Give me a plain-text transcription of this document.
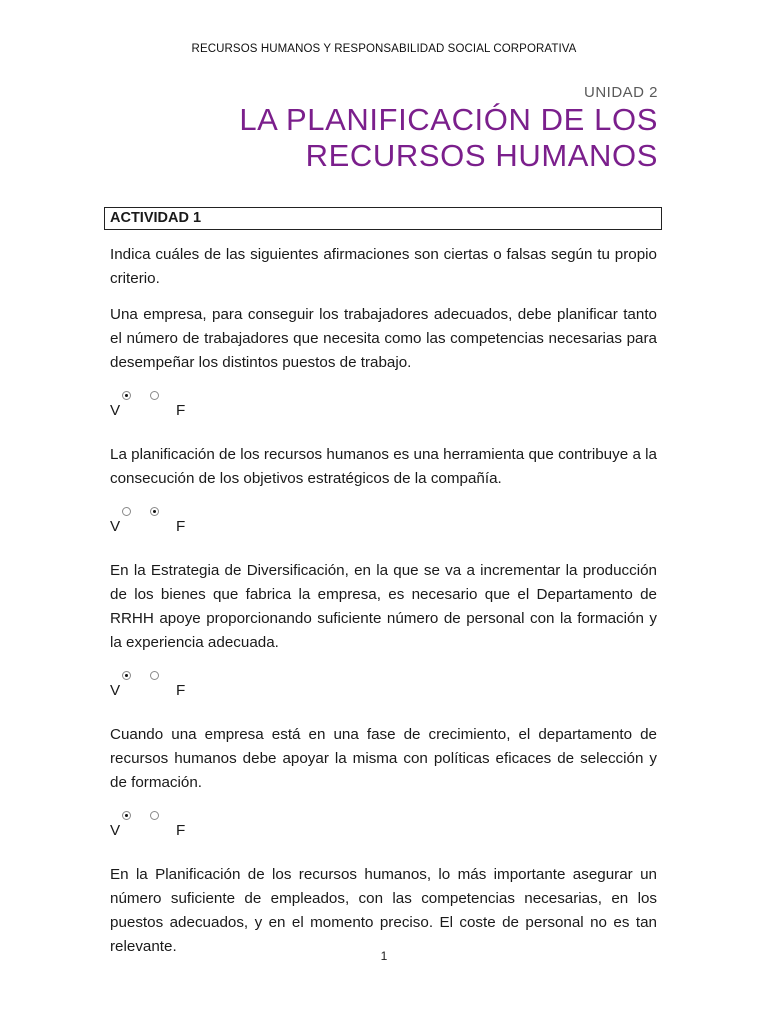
RECURSOS HUMANOS Y RESPONSABILIDAD SOCIAL CORPORATIVA
UNIDAD 2
LA PLANIFICACIÓN DE LOS
RECURSOS HUMANOS
ACTIVIDAD 1

Indica cuáles de las siguientes afirmaciones son ciertas o falsas según tu propio criterio.

Una empresa, para conseguir los trabajadores adecuados, debe planificar tanto el número de trabajadores que necesita como las competencias necesarias para desempeñar los distintos puestos de trabajo.

V	F

La planificación de los recursos humanos es una herramienta que contribuye a la consecución de los objetivos estratégicos de la compañía.

V	F

En la Estrategia de Diversificación, en la que se va a incrementar la producción de los bienes que fabrica la empresa, es necesario que el Departamento de RRHH apoye proporcionando suficiente número de personal con la formación y la experiencia adecuada.

V	F

Cuando una empresa está en una fase de crecimiento, el departamento de recursos humanos debe apoyar la misma con políticas eficaces de selección y de formación.

V	F

En la Planificación de los recursos humanos, lo más importante asegurar un número suficiente de empleados, con las competencias necesarias, en los puestos adecuados, y en el momento preciso. El coste de personal no es tan relevante.

1
